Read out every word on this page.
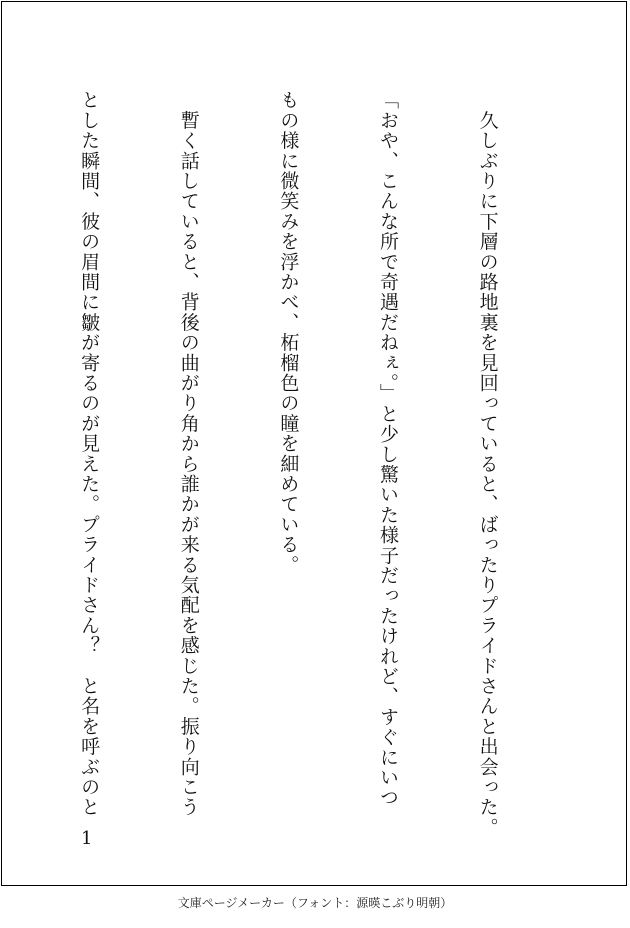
　久しぶりに下層の路地裏を見回っていると、ばったりプライドさんと出会った。

「おや、こんな所で奇遇だねぇ。」と少し驚いた様子だったけれど、すぐにいつ

もの様に微笑みを浮かべ、柘榴色の瞳を細めている。

　暫く話していると、背後の曲がり角から誰かが来る気配を感じた。振り向こう

とした瞬間、彼の眉間に皺が寄るのが見えた。プライドさん？　と名を呼ぶのと

1
文庫ページメーカー（フォント：源暎こぶり明朝）
